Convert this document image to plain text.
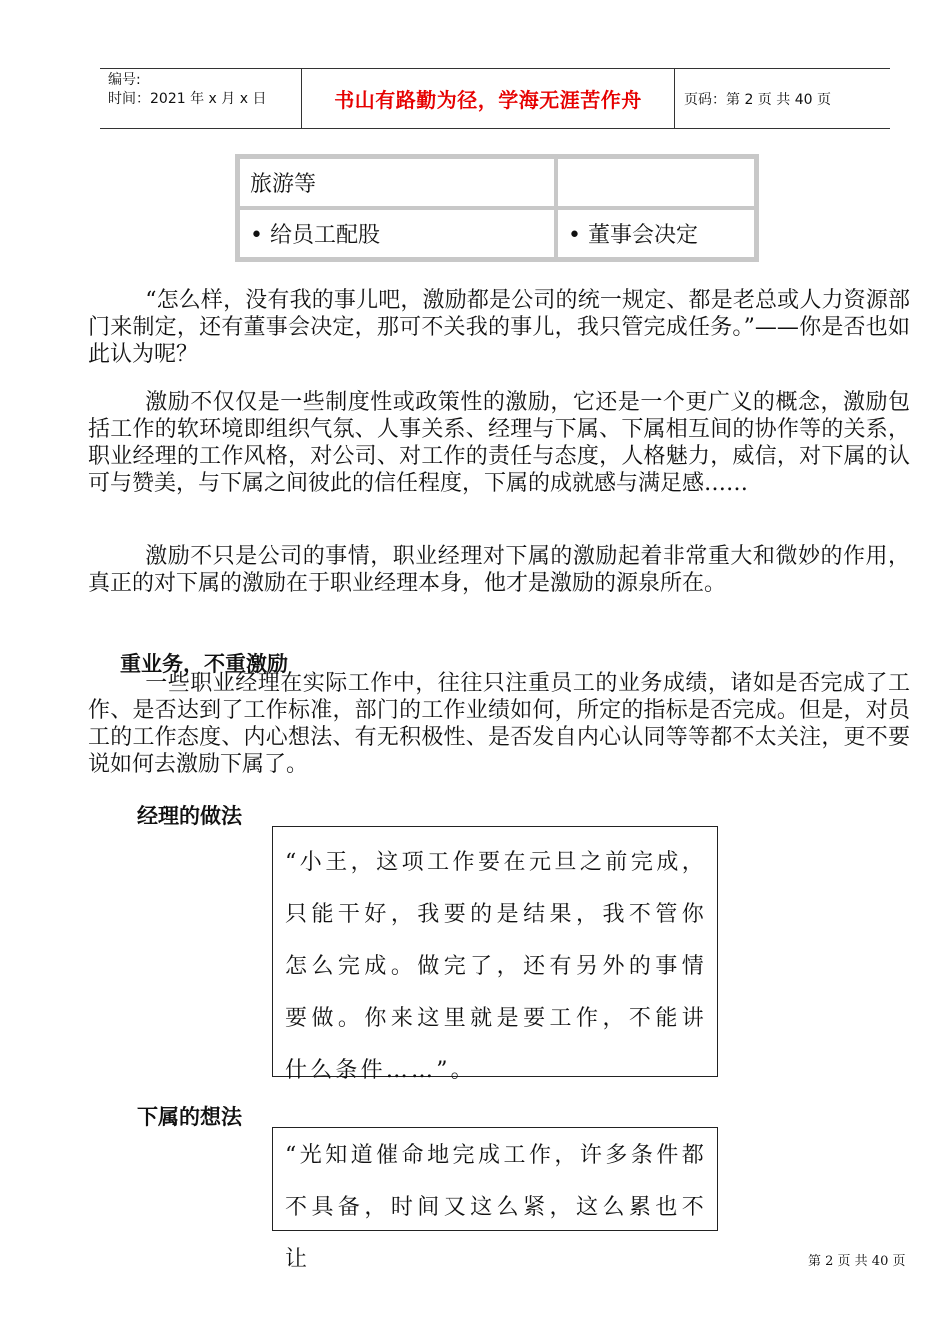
编号:
时间：2021 年 x 月 x 日	书山有路勤为径，学海无涯苦作舟	页码：第 2 页 共 40 页
旅游等	
• 给员工配股	• 董事会决定

“怎么样，没有我的事儿吧，激励都是公司的统一规定、都是老总或人力资源部门来制定，还有董事会决定，那可不关我的事儿，我只管完成任务。”——你是否也如此认为呢？

激励不仅仅是一些制度性或政策性的激励，它还是一个更广义的概念，激励包括工作的软环境即组织气氛、人事关系、经理与下属、下属相互间的协作等的关系，职业经理的工作风格，对公司、对工作的责任与态度，人格魅力，威信，对下属的认可与赞美，与下属之间彼此的信任程度，下属的成就感与满足感……

激励不只是公司的事情，职业经理对下属的激励起着非常重大和微妙的作用，真正的对下属的激励在于职业经理本身，他才是激励的源泉所在。

重业务，不重激励

一些职业经理在实际工作中，往往只注重员工的业务成绩，诸如是否完成了工作、是否达到了工作标准，部门的工作业绩如何，所定的指标是否完成。但是，对员工的工作态度、内心想法、有无积极性、是否发自内心认同等等都不太关注，更不要说如何去激励下属了。

经理的做法
“小王，这项工作要在元旦之前完成，只能干好，我要的是结果，我不管你怎么完成。做完了，还有另外的事情要做。你来这里就是要工作，不能讲什么条件……”。
下属的想法
“光知道催命地完成工作，许多条件都不具备，时间又这么紧，这么累也不让	第 2 页 共 40 页
